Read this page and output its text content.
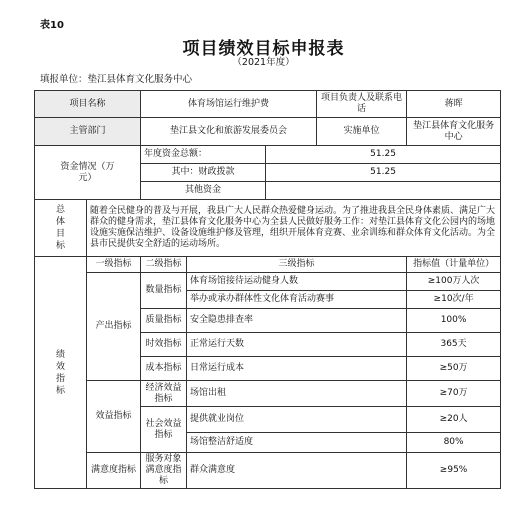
表10
项目绩效目标申报表
（2021年度）
填报单位：垫江县体育文化服务中心
项目名称		体育场馆运行维护费			项目负责人及联系电话	蒋晖
主管部门		垫江县文化和旅游发展委员会			实施单位	垫江县体育文化服务中心

资金情况（万元）		年度资金总额：		51.25		
		其中：财政拨款		51.25		
		其他资金				

总体目标	随着全民健身的普及与开展，我县广大人民群众热爱健身运动。为了推进我县全民身体素质、满足广大群众的健身需求，垫江县体育文化服务中心为全县人民做好服务工作：对垫江县体育文化公园内的场地设施实施保洁维护、设备设施维护修及管理，组织开展体育竞赛、业余训练和群众体育文化活动。为全县市民提供安全舒适的运动场所。					

绩效指标	一级指标	二级指标	三级指标			指标值（计量单位）
	产出指标	数量指标	体育场馆接待运动健身人数			≥100万人次
			举办或承办群体性文化体育活动赛事			≥10次/年
		质量指标	安全隐患排查率			100%
		时效指标	正常运行天数			365天
		成本指标	日常运行成本			≥50万
	效益指标	经济效益指标	场馆出租			≥70万
		社会效益指标	提供就业岗位			≥20人
			场馆整洁舒适度			80%
	满意度指标	服务对象满意度指标	群众满意度			≥95%
